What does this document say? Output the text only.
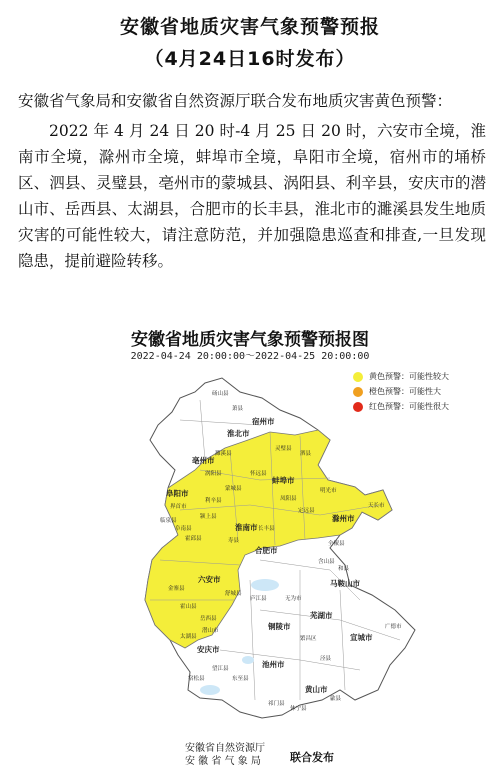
安徽省地质灾害气象预警预报
（4月24日16时发布）
安徽省气象局和安徽省自然资源厅联合发布地质灾害黄色预警：
2022 年 4 月 24 日 20 时-4 月 25 日 20 时，六安市全境，淮南市全境，滁州市全境，蚌埠市全境，阜阳市全境，宿州市的埇桥区、泗县、灵璧县，亳州市的蒙城县、涡阳县、利辛县，安庆市的潜山市、岳西县、太湖县，合肥市的长丰县，淮北市的濉溪县发生地质灾害的可能性较大，请注意防范，并加强隐患巡查和排查,一旦发现隐患，提前避险转移。
安徽省地质灾害气象预警预报图
2022-04-24 20:00:00～2022-04-25 20:00:00
宿州市
淮北市
亳州市
阜阳市
蚌埠市
淮南市
滁州市
合肥市
六安市
安庆市
池州市
铜陵市
芜湖市
马鞍山市
宣城市
黄山市
濉溪县
涡阳县
蒙城县
利辛县
颍上县
霍邱县	寿县
长丰县
定远县
天长市
金寨县
霍山县
舒城县
岳西县
潜山市
太湖县
庐江县	无为市
繁昌区
泾县
广德市
祁门县
休宁县
歙县
东至县
宿松县
望江县
怀远县
凤阳县
明光市
泗县
灵璧县
砀山县
萧县
界首市
临泉县
阜南县
全椒县
含山县
和县
黄色预警：可能性较大
橙色预警：可能性大
红色预警：可能性很大
安徽省自然资源厅
安 徽 省 气 象 局	联合发布
